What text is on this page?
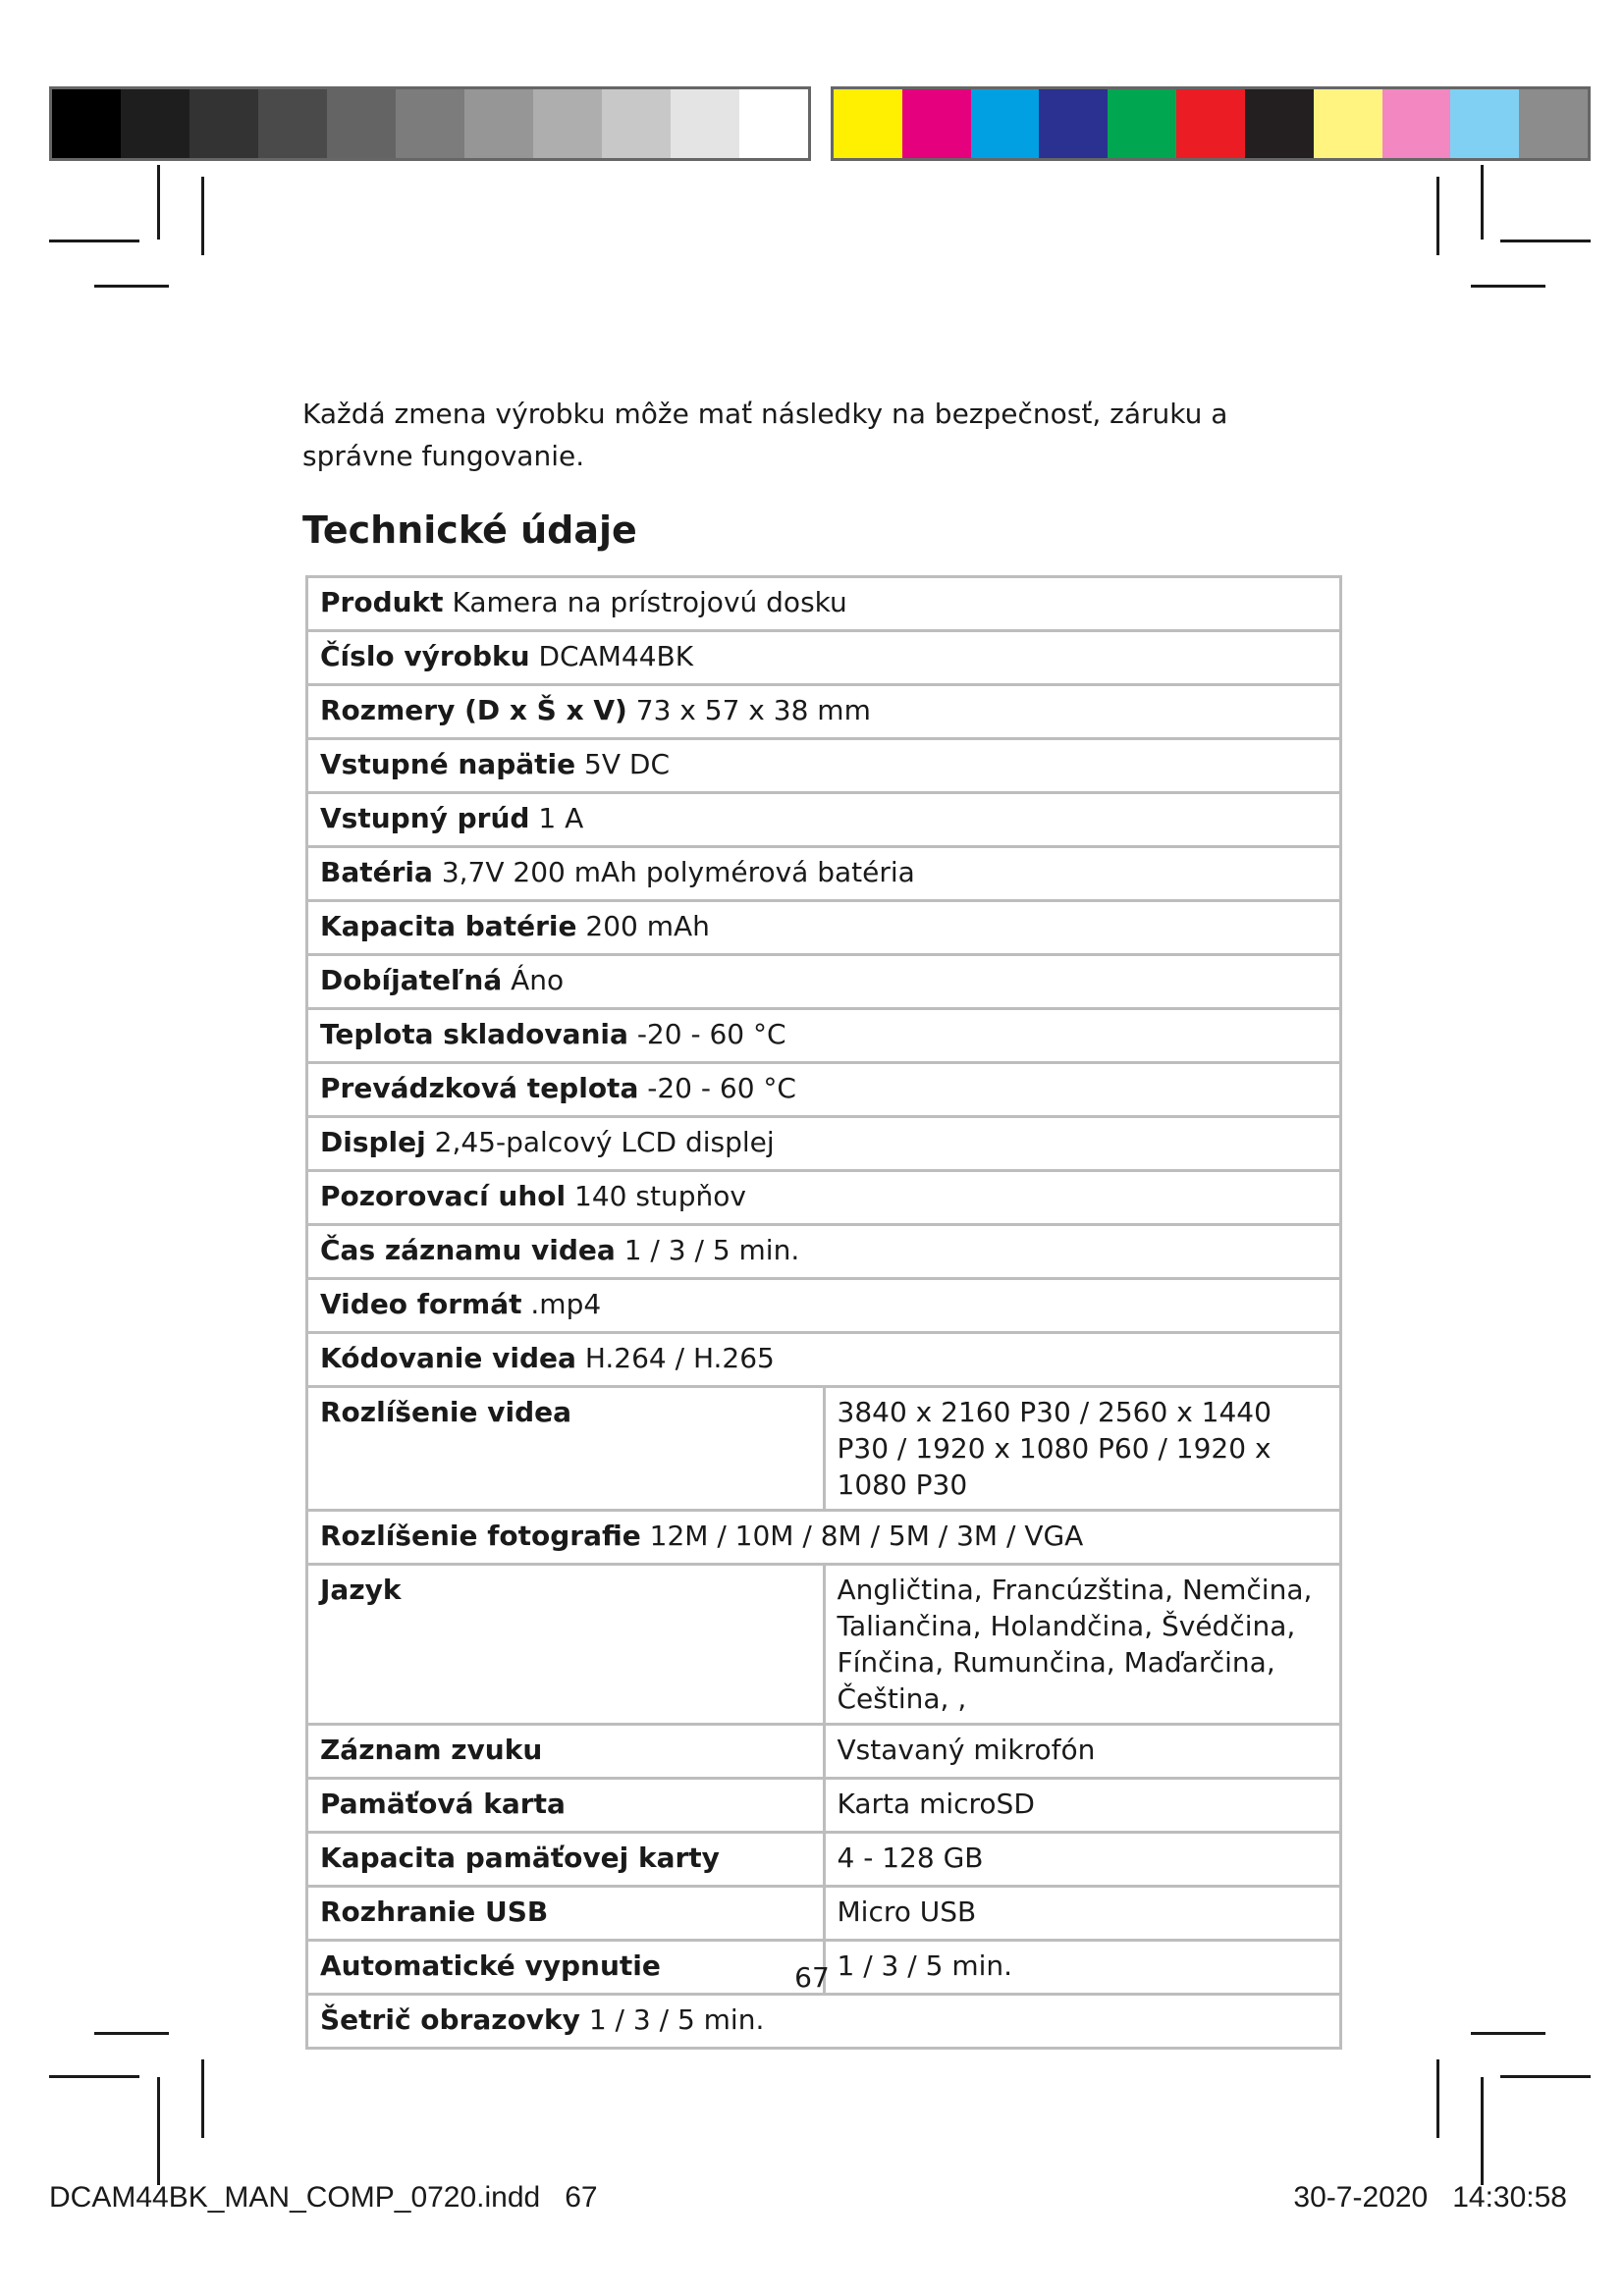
Každá zmena výrobku môže mať následky na bezpečnosť, záruku a správne fungovanie.

Technické údaje
Produkt Kamera na prístrojovú dosku	
Číslo výrobku DCAM44BK	
Rozmery (D x Š x V) 73 x 57 x 38 mm	
Vstupné napätie 5V DC	
Vstupný prúd 1 A	
Batéria 3,7V 200 mAh polymérová batéria	
Kapacita batérie 200 mAh	
Dobíjateľná Áno	
Teplota skladovania -20 - 60 °C	
Prevádzková teplota -20 - 60 °C	
Displej 2,45-palcový LCD displej	
Pozorovací uhol 140 stupňov	
Čas záznamu videa 1 / 3 / 5 min.	
Video formát .mp4	
Kódovanie videa H.264 / H.265	
Rozlíšenie videa	3840 x 2160 P30 / 2560 x 1440 P30 / 1920 x 1080 P60 / 1920 x 1080 P30
Rozlíšenie fotografie 12M / 10M / 8M / 5M / 3M / VGA	
Jazyk	Angličtina, Francúzština, Nemčina, Taliančina, Holandčina, Švédčina, Fínčina, Rumunčina, Maďarčina, Čeština, ,
Záznam zvuku	Vstavaný mikrofón
Pamäťová karta	Karta microSD
Kapacita pamäťovej karty	4 - 128 GB
Rozhranie USB	Micro USB
Automatické vypnutie	1 / 3 / 5 min.
Šetrič obrazovky 1 / 3 / 5 min.	

67

DCAM44BK_MAN_COMP_0720.indd 67	30-7-2020 14:30:58
